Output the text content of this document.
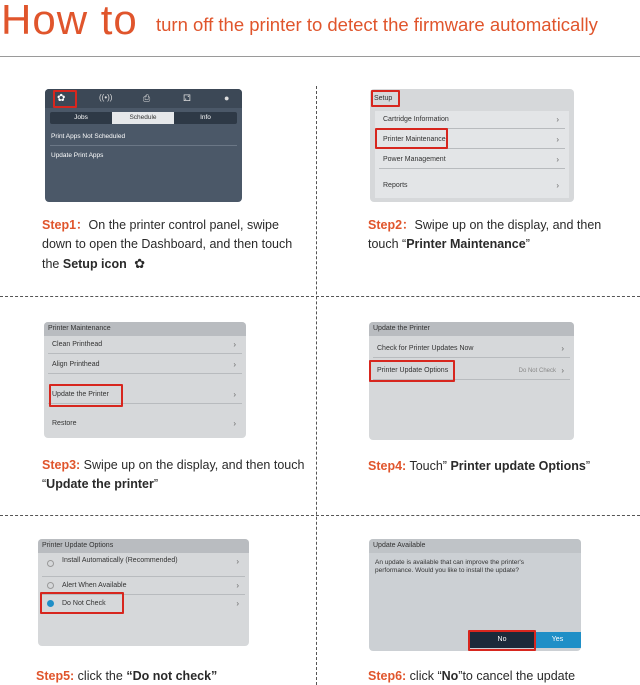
How to turn off the printer to detect the firmware automatically
✿	((•))	⎙	⚁	●
Jobs	Schedule	Info
Print Apps Not Scheduled
Update Print Apps
Step1：On the printer control panel, swipe down to open the Dashboard, and then touch the Setup icon ✿
Setup
Cartridge Information	›
Printer Maintenance	›
Power Management	›
Reports	›
Step2：Swipe up on the display, and then touch “Printer Maintenance”
Printer Maintenance
Clean Printhead	›
Align Printhead	›
Update the Printer	›
Restore	›
Step3: Swipe up on the display, and then touch “Update the printer”
Update the Printer
Check for Printer Updates Now	›
Printer Update Options	Do Not Check ›
Step4: Touch” Printer update Options”
Printer Update Options
Install Automatically (Recommended)	›
Alert When Available	›
Do Not Check	›
Step5: click the “Do not check”
Update Available
An update is available that can improve the printer's performance. Would you like to install the update?
No	Yes
Step6: click “No”to cancel the update
